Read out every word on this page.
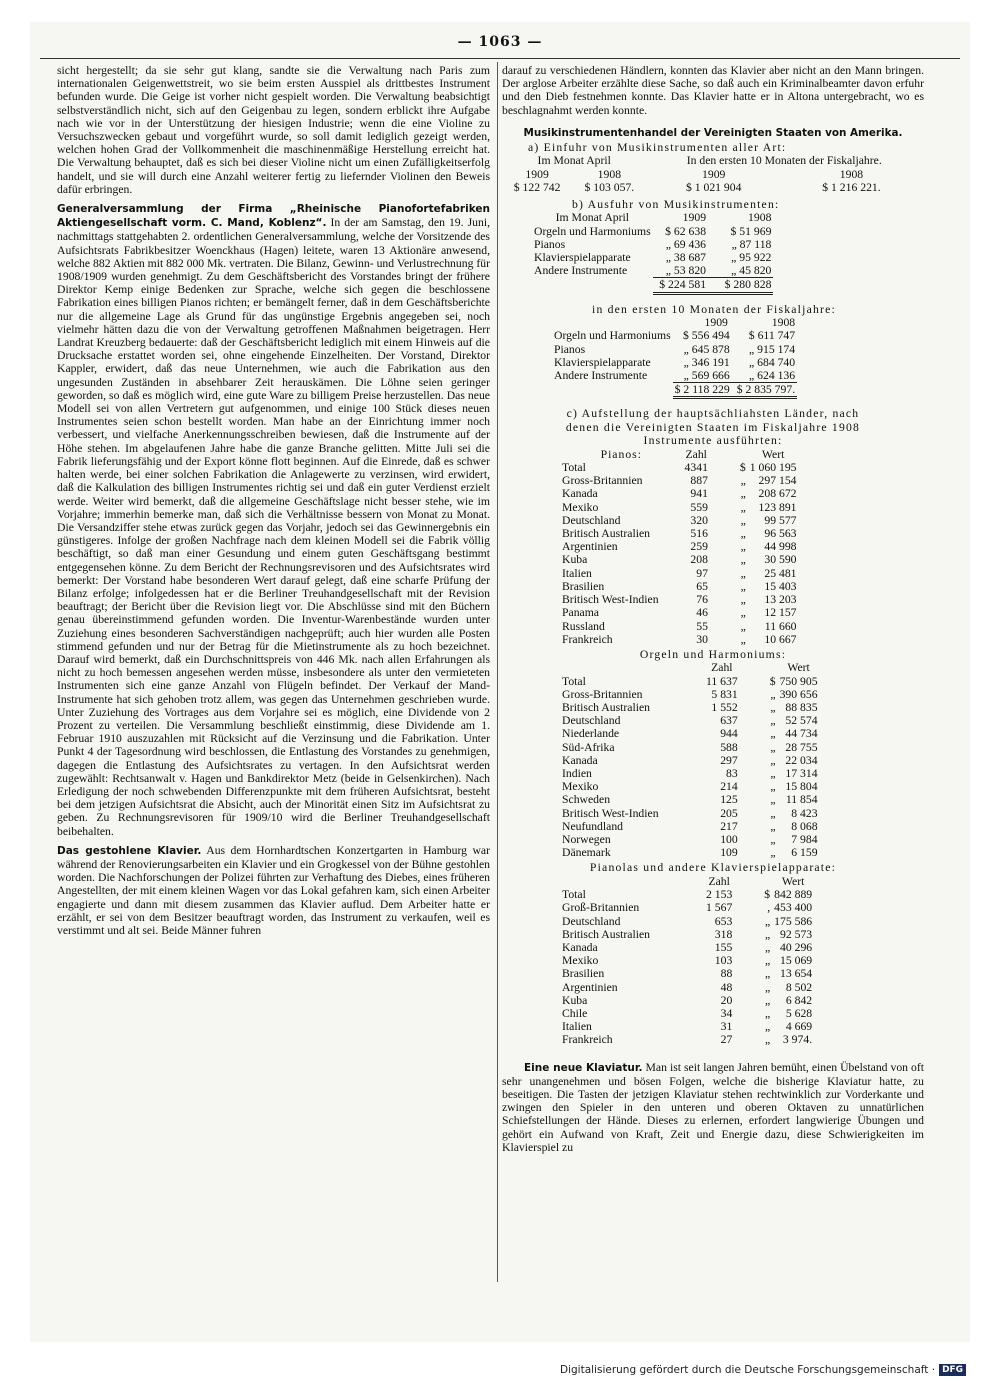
— 1063 —

sicht hergestellt; da sie sehr gut klang, sandte sie die Verwaltung nach Paris zum internationalen Geigenwettstreit, wo sie beim ersten Ausspiel als drittbestes Instrument befunden wurde. Die Geige ist vorher nicht gespielt worden. Die Verwaltung beabsichtigt selbstverständlich nicht, sich auf den Geigenbau zu legen, sondern erblickt ihre Aufgabe nach wie vor in der Unterstützung der hiesigen Industrie; wenn die eine Violine zu Versuchszwecken gebaut und vorgeführt wurde, so soll damit lediglich gezeigt werden, welchen hohen Grad der Vollkommenheit die maschinenmäßige Herstellung erreicht hat. Die Verwaltung behauptet, daß es sich bei dieser Violine nicht um einen Zufälligkeitserfolg handelt, und sie will durch eine Anzahl weiterer fertig zu liefernder Violinen den Beweis dafür erbringen.

Generalversammlung der Firma „Rheinische Pianofortefabriken Aktiengesellschaft vorm. C. Mand, Koblenz“. In der am Samstag, den 19. Juni, nachmittags stattgehabten 2. ordentlichen Generalversammlung, welche der Vorsitzende des Aufsichtsrats Fabrikbesitzer Woenckhaus (Hagen) leitete, waren 13 Aktionäre anwesend, welche 882 Aktien mit 882 000 Mk. vertraten. Die Bilanz, Gewinn- und Verlustrechnung für 1908/1909 wurden genehmigt. Zu dem Geschäftsbericht des Vorstandes bringt der frühere Direktor Kemp einige Bedenken zur Sprache, welche sich gegen die beschlossene Fabrikation eines billigen Pianos richten; er bemängelt ferner, daß in dem Geschäftsberichte nur die allgemeine Lage als Grund für das ungünstige Ergebnis angegeben sei, noch vielmehr hätten dazu die von der Verwaltung getroffenen Maßnahmen beigetragen. Herr Landrat Kreuzberg bedauerte: daß der Geschäftsbericht lediglich mit einem Hinweis auf die Drucksache erstattet worden sei, ohne eingehende Einzelheiten. Der Vorstand, Direktor Kappler, erwidert, daß das neue Unternehmen, wie auch die Fabrikation aus den ungesunden Zuständen in absehbarer Zeit herauskämen. Die Löhne seien geringer geworden, so daß es möglich wird, eine gute Ware zu billigem Preise herzustellen. Das neue Modell sei von allen Vertretern gut aufgenommen, und einige 100 Stück dieses neuen Instrumentes seien schon bestellt worden. Man habe an der Einrichtung immer noch verbessert, und vielfache Anerkennungsschreiben bewiesen, daß die Instrumente auf der Höhe stehen. Im abgelaufenen Jahre habe die ganze Branche gelitten. Mitte Juli sei die Fabrik lieferungsfähig und der Export könne flott beginnen. Auf die Einrede, daß es schwer halten werde, bei einer solchen Fabrikation die Anlagewerte zu verzinsen, wird erwidert, daß die Kalkulation des billigen Instrumentes richtig sei und daß ein guter Verdienst erzielt werde. Weiter wird bemerkt, daß die allgemeine Geschäftslage nicht besser stehe, wie im Vorjahre; immerhin bemerke man, daß sich die Verhältnisse bessern von Monat zu Monat. Die Versandziffer stehe etwas zurück gegen das Vorjahr, jedoch sei das Gewinnergebnis ein günstigeres. Infolge der großen Nachfrage nach dem kleinen Modell sei die Fabrik völlig beschäftigt, so daß man einer Gesundung und einem guten Geschäftsgang bestimmt entgegensehen könne. Zu dem Bericht der Rechnungsrevisoren und des Aufsichtsrates wird bemerkt: Der Vorstand habe besonderen Wert darauf gelegt, daß eine scharfe Prüfung der Bilanz erfolge; infolgedessen hat er die Berliner Treuhandgesellschaft mit der Revision beauftragt; der Bericht über die Revision liegt vor. Die Abschlüsse sind mit den Büchern genau übereinstimmend gefunden worden. Die Inventur-Warenbestände wurden unter Zuziehung eines besonderen Sachverständigen nachgeprüft; auch hier wurden alle Posten stimmend gefunden und nur der Betrag für die Mietinstrumente als zu hoch bezeichnet. Darauf wird bemerkt, daß ein Durchschnittspreis von 446 Mk. nach allen Erfahrungen als nicht zu hoch bemessen angesehen werden müsse, insbesondere als unter den vermieteten Instrumenten sich eine ganze Anzahl von Flügeln befindet. Der Verkauf der Mand-Instrumente hat sich gehoben trotz allem, was gegen das Unternehmen geschrieben wurde. Unter Zuziehung des Vortrages aus dem Vorjahre sei es möglich, eine Dividende von 2 Prozent zu verteilen. Die Versammlung beschließt einstimmig, diese Dividende am 1. Februar 1910 auszuzahlen mit Rücksicht auf die Verzinsung und die Fabrikation. Unter Punkt 4 der Tagesordnung wird beschlossen, die Entlastung des Vorstandes zu genehmigen, dagegen die Entlastung des Aufsichtsrates zu vertagen. In den Aufsichtsrat werden zugewählt: Rechtsanwalt v. Hagen und Bankdirektor Metz (beide in Gelsenkirchen). Nach Erledigung der noch schwebenden Differenzpunkte mit dem früheren Aufsichtsrat, besteht bei dem jetzigen Aufsichtsrat die Absicht, auch der Minorität einen Sitz im Aufsichtsrat zu geben. Zu Rechnungsrevisoren für 1909/10 wird die Berliner Treuhandgesellschaft beibehalten.

Das gestohlene Klavier. Aus dem Hornhardtschen Konzertgarten in Hamburg war während der Renovierungsarbeiten ein Klavier und ein Grogkessel von der Bühne gestohlen worden. Die Nachforschungen der Polizei führten zur Verhaftung des Diebes, eines früheren Angestellten, der mit einem kleinen Wagen vor das Lokal gefahren kam, sich einen Arbeiter engagierte und dann mit diesem zusammen das Klavier auflud. Dem Arbeiter hatte er erzählt, er sei von dem Besitzer beauftragt worden, das Instrument zu verkaufen, weil es verstimmt und alt sei. Beide Männer fuhren

darauf zu verschiedenen Händlern, konnten das Klavier aber nicht an den Mann bringen. Der arglose Arbeiter erzählte diese Sache, so daß auch ein Kriminalbeamter davon erfuhr und den Dieb festnehmen konnte. Das Klavier hatte er in Altona untergebracht, wo es beschlagnahmt werden konnte.

Musikinstrumentenhandel der Vereinigten Staaten von Amerika.
a) Einfuhr von Musikinstrumenten aller Art:
Im Monat April		In den ersten 10 Monaten der Fiskaljahre.	
1909	1908	1909	1908
$ 122 742	$ 103 057.	$ 1 021 904	$ 1 216 221.
b) Ausfuhr von Musikinstrumenten:
Im Monat April	1909	1908
Orgeln und Harmoniums	$ 62 638	$ 51 969
Pianos	„ 69 436	„ 87 118
Klavierspielapparate	„ 38 687	„ 95 922
Andere Instrumente	„ 53 820	„ 45 820
	$ 224 581	$ 280 828
in den ersten 10 Monaten der Fiskaljahre:
	1909	1908
Orgeln und Harmoniums	$ 556 494	$ 611 747
Pianos	„ 645 878	„ 915 174
Klavierspielapparate	„ 346 191	„ 684 740
Andere Instrumente	„ 569 666	„ 624 136
	$ 2 118 229	$ 2 835 797.
c) Aufstellung der hauptsächliahsten Länder, nach
denen die Vereinigten Staaten im Fiskaljahre 1908
Instrumente ausführten:
Pianos:	Zahl		Wert
Total	4341	$	1 060 195
Gross-Britannien	887	„	297 154
Kanada	941	„	208 672
Mexiko	559	„	123 891
Deutschland	320	„	99 577
Britisch Australien	516	„	96 563
Argentinien	259	„	44 998
Kuba	208	„	30 590
Italien	97	„	25 481
Brasilien	65	„	15 403
Britisch West-Indien	76	„	13 203
Panama	46	„	12 157
Russland	55	„	11 660
Frankreich	30	„	10 667
Orgeln und Harmoniums:
	Zahl		Wert
Total	11 637	$	750 905
Gross-Britannien	5 831	„	390 656
Britisch Australien	1 552	„	88 835
Deutschland	637	„	52 574
Niederlande	944	„	44 734
Süd-Afrika	588	„	28 755
Kanada	297	„	22 034
Indien	83	„	17 314
Mexiko	214	„	15 804
Schweden	125	„	11 854
Britisch West-Indien	205	„	8 423
Neufundland	217	„	8 068
Norwegen	100	„	7 984
Dänemark	109	„	6 159
Pianolas und andere Klavierspielapparate:
	Zahl		Wert
Total	2 153	$	842 889
Groß-Britannien	1 567	,	453 400
Deutschland	653	„	175 586
Britisch Australien	318	„	92 573
Kanada	155	„	40 296
Mexiko	103	„	15 069
Brasilien	88	„	13 654
Argentinien	48	„	8 502
Kuba	20	„	6 842
Chile	34	„	5 628
Italien	31	„	4 669
Frankreich	27	„	3 974.

Eine neue Klaviatur. Man ist seit langen Jahren bemüht, einen Übelstand von oft sehr unangenehmen und bösen Folgen, welche die bisherige Klaviatur hatte, zu beseitigen. Die Tasten der jetzigen Klaviatur stehen rechtwinklich zur Vorderkante und zwingen den Spieler in den unteren und oberen Oktaven zu unnatürlichen Schiefstellungen der Hände. Dieses zu erlernen, erfordert langwierige Übungen und gehört ein Aufwand von Kraft, Zeit und Energie dazu, diese Schwierigkeiten im Klavierspiel zu

Digitalisierung gefördert durch die Deutsche Forschungsgemeinschaft · DFG
